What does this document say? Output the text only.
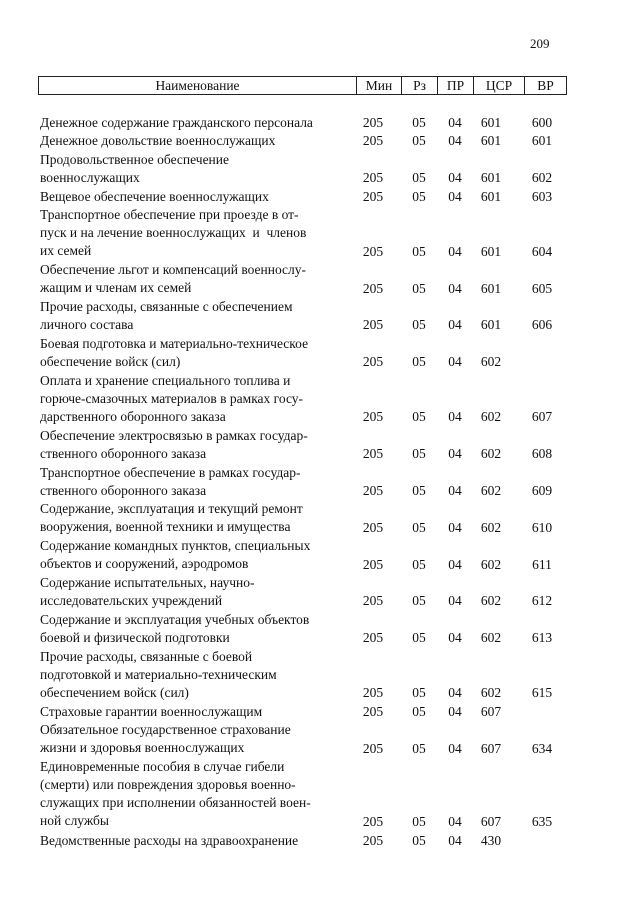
209
Наименование	Мин	Рз	ПР	ЦСР	ВР
Денежное содержание гражданского персонала	205	05	04	601	600
Денежное довольствие военнослужащих	205	05	04	601	601
Продовольственное обеспечение
военнослужащих	205	05	04	601	602
Вещевое обеспечение военнослужащих	205	05	04	601	603
Транспортное обеспечение при проезде в от-
пуск и на лечение военнослужащих  и  членов
их семей	205	05	04	601	604
Обеспечение льгот и компенсаций военнослу-
жащим и членам их семей	205	05	04	601	605
Прочие расходы, связанные с обеспечением
личного состава	205	05	04	601	606
Боевая подготовка и материально-техническое
обеспечение войск (сил)	205	05	04	602
Оплата и хранение специального топлива и
горюче-смазочных материалов в рамках госу-
дарственного оборонного заказа	205	05	04	602	607
Обеспечение электросвязью в рамках государ-
ственного оборонного заказа	205	05	04	602	608
Транспортное обеспечение в рамках государ-
ственного оборонного заказа	205	05	04	602	609
Содержание, эксплуатация и текущий ремонт
вооружения, военной техники и имущества	205	05	04	602	610
Содержание командных пунктов, специальных
объектов и сооружений, аэродромов	205	05	04	602	611
Содержание испытательных, научно-
исследовательских учреждений	205	05	04	602	612
Содержание и эксплуатация учебных объектов
боевой и физической подготовки	205	05	04	602	613
Прочие расходы, связанные с боевой
подготовкой и материально-техническим
обеспечением войск (сил)	205	05	04	602	615
Страховые гарантии военнослужащим	205	05	04	607
Обязательное государственное страхование
жизни и здоровья военнослужащих	205	05	04	607	634
Единовременные пособия в случае гибели
(смерти) или повреждения здоровья военно-
служащих при исполнении обязанностей воен-
ной службы	205	05	04	607	635
Ведомственные расходы на здравоохранение	205	05	04	430
